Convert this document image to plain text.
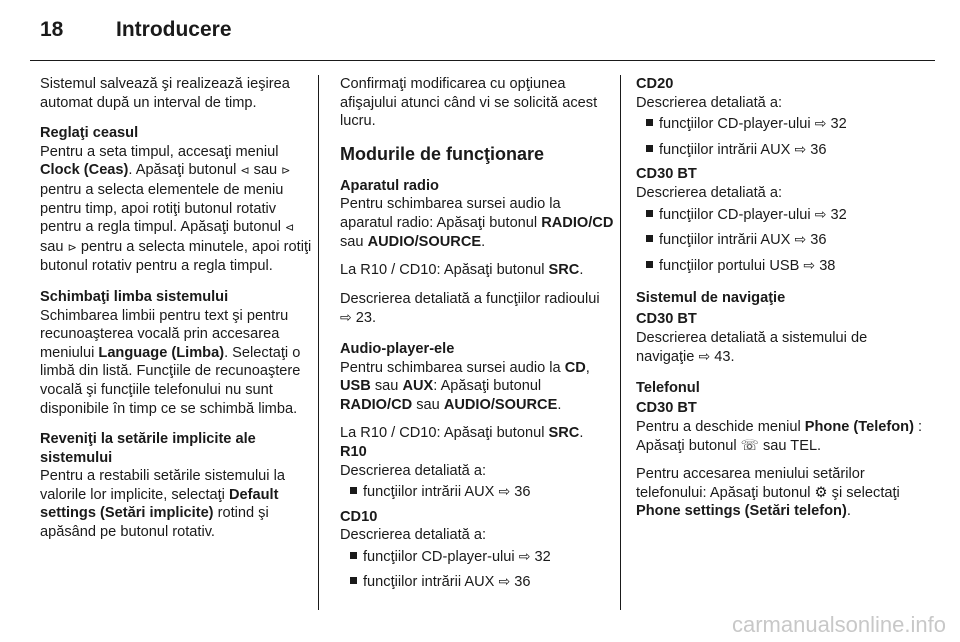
18	Introducere

Sistemul salvează şi realizează ieşirea automat după un interval de timp.

Reglaţi ceasul

Pentru a seta timpul, accesaţi meniul Clock (Ceas). Apăsaţi butonul ⊲ sau ⊳ pentru a selecta elementele de meniu pentru timp, apoi rotiţi butonul rotativ pentru a regla timpul. Apăsaţi butonul ⊲ sau ⊳ pentru a selecta minutele, apoi rotiţi butonul rotativ pentru a regla timpul.

Schimbaţi limba sistemului

Schimbarea limbii pentru text şi pentru recunoaşterea vocală prin accesarea meniului Language (Limba). Selectaţi o limbă din listă. Funcţiile de recunoaştere vocală şi funcţiile telefonului nu sunt disponibile în timp ce se schimbă limba.

Reveniţi la setările implicite ale sistemului

Pentru a restabili setările sistemului la valorile lor implicite, selectaţi Default settings (Setări implicite) rotind şi apăsând pe butonul rotativ.

Confirmaţi modificarea cu opţiunea afişajului atunci când vi se solicită acest lucru.

Modurile de funcţionare
Aparatul radio

Pentru schimbarea sursei audio la aparatul radio: Apăsaţi butonul RADIO/CD sau AUDIO/SOURCE.

La R10 / CD10: Apăsaţi butonul SRC.

Descrierea detaliată a funcţiilor radioului ⇨ 23.

Audio-player-ele

Pentru schimbarea sursei audio la CD, USB sau AUX: Apăsaţi butonul RADIO/CD sau AUDIO/SOURCE.

La R10 / CD10: Apăsaţi butonul SRC.

R10

Descrierea detaliată a:

funcţiilor intrării AUX ⇨ 36
CD10

Descrierea detaliată a:

funcţiilor CD-player-ului ⇨ 32
funcţiilor intrării AUX ⇨ 36
CD20

Descrierea detaliată a:

funcţiilor CD-player-ului ⇨ 32
funcţiilor intrării AUX ⇨ 36
CD30 BT

Descrierea detaliată a:

funcţiilor CD-player-ului ⇨ 32
funcţiilor intrării AUX ⇨ 36
funcţiilor portului USB ⇨ 38
Sistemul de navigaţie
CD30 BT

Descrierea detaliată a sistemului de navigaţie ⇨ 43.

Telefonul
CD30 BT

Pentru a deschide meniul Phone (Telefon) : Apăsaţi butonul ☏ sau TEL.

Pentru accesarea meniului setărilor telefonului: Apăsaţi butonul ⚙ şi selectaţi Phone settings (Setări telefon).

carmanualsonline.info
